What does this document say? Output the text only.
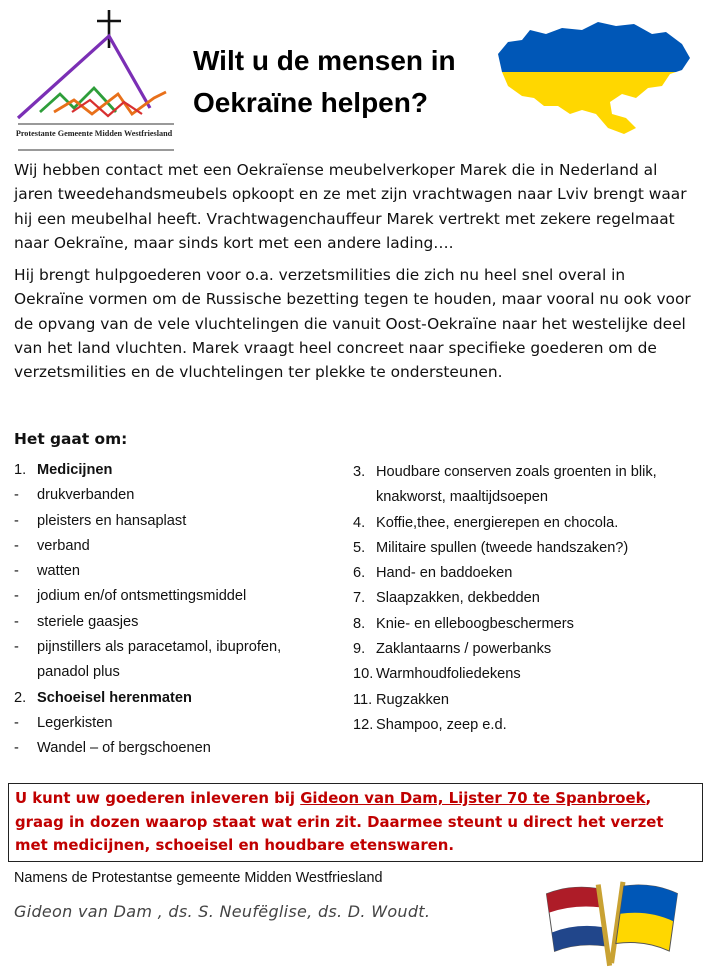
Protestante Gemeente Midden Westfriesland
Wilt u de mensen in
Oekraïne helpen?

Wij hebben contact met een Oekraïense meubelverkoper Marek die in Nederland al jaren tweedehandsmeubels opkoopt en ze met zijn vrachtwagen naar Lviv brengt waar hij een meubelhal heeft. Vrachtwagenchauffeur Marek vertrekt met zekere regelmaat naar Oekraïne, maar sinds kort met een andere lading….

Hij brengt hulpgoederen voor o.a. verzetsmilities die zich nu heel snel overal in Oekraïne vormen om de Russische bezetting tegen te houden, maar vooral nu ook voor de opvang van de vele vluchtelingen die vanuit Oost-Oekraïne naar het westelijke deel van het land vluchten. Marek vraagt heel concreet naar specifieke goederen om de verzetsmilities en de vluchtelingen ter plekke te ondersteunen.

Het gaat om:
1. Medicijnen
-	drukverbanden
-	pleisters en hansaplast
-	verband
-	watten
-	jodium en/of ontsmettingsmiddel
-	steriele gaasjes
-	pijnstillers als paracetamol, ibuprofen, panadol plus
2. Schoeisel herenmaten
-	Legerkisten
-	Wandel – of bergschoenen
3. Houdbare conserven zoals groenten in blik, knakworst, maaltijdsoepen
4. Koffie,thee, energierepen en chocola.
5. Militaire spullen (tweede handszaken?)
6. Hand- en baddoeken
7. Slaapzakken, dekbedden
8. Knie- en elleboogbeschermers
9. Zaklantaarns / powerbanks
10. Warmhoudfoliedekens
11. Rugzakken
12. Shampoo, zeep e.d.
U kunt uw goederen inleveren bij Gideon van Dam, Lijster 70 te Spanbroek, graag in dozen waarop staat wat erin zit. Daarmee steunt u direct het verzet met medicijnen, schoeisel en houdbare etenswaren.
Namens de Protestantse gemeente Midden Westfriesland
Gideon van Dam , ds. S. Neufëglise, ds. D. Woudt.
